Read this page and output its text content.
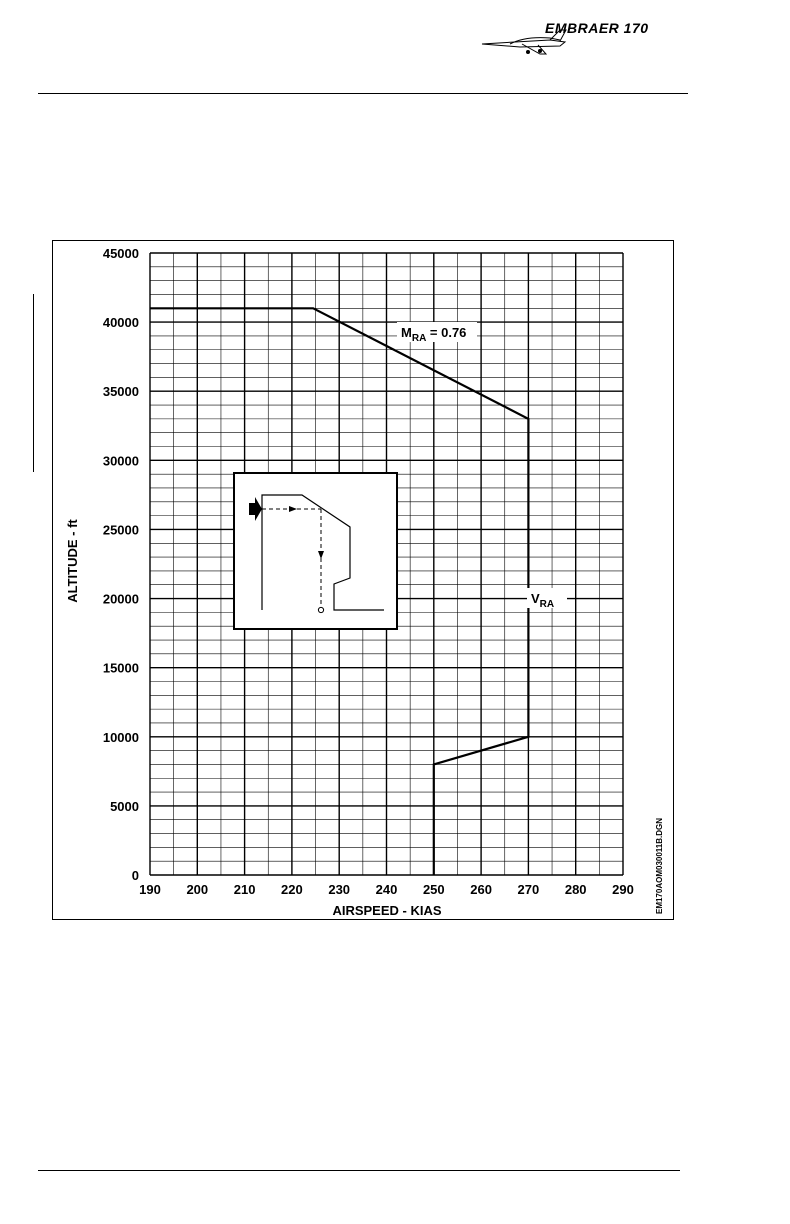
EMBRAER 170
190 200 210 220 230 240 250 260 270 280 290
0
5000
10000
15000
20000
25000
30000
35000
40000
45000
$M_{RA} = 0.76$
$V_{RA}$
AIRSPEED - KIAS
ALTITUDE - ft
EM170AOM030011B.DGN
